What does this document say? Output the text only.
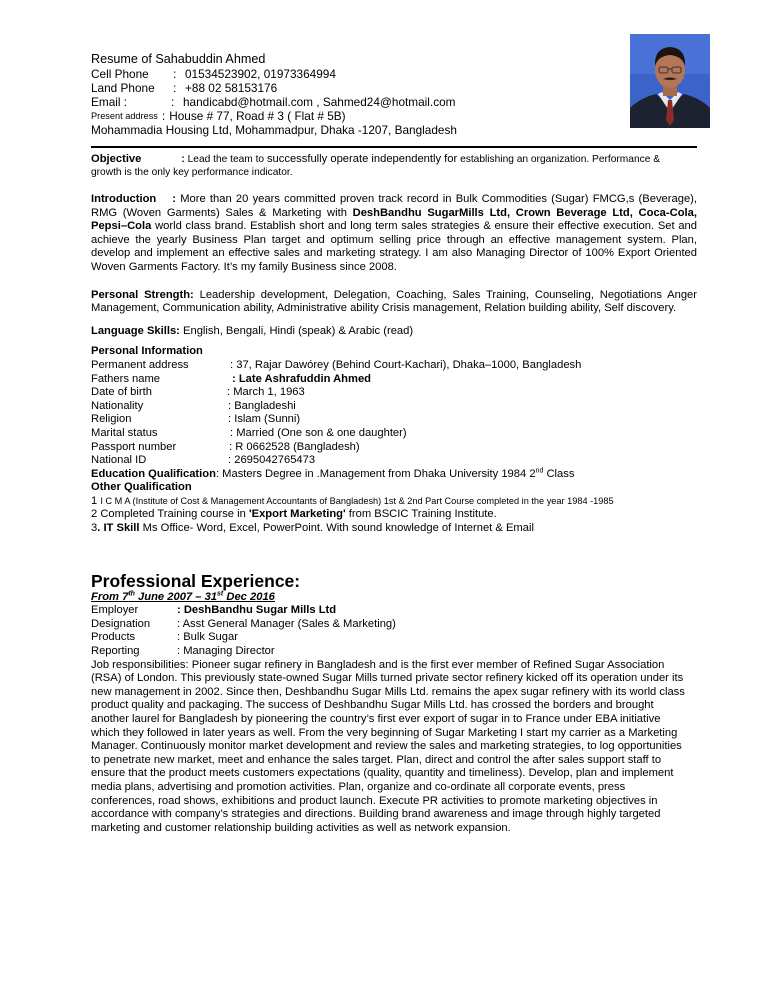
Resume of Sahabuddin Ahmed
Cell Phone	: 01534523902, 01973364994
Land Phone	: +88 02 58153176
Email :	: handicabd@hotmail.com , Sahmed24@hotmail.com
Present address : House # 77, Road # 3 ( Flat # 5B)
Mohammadia Housing Ltd, Mohammadpur, Dhaka -1207, Bangladesh
Objective	: Lead the team to successfully operate independently for establishing an organization. Performance &
growth is the only key performance indicator.

Introduction : More than 20 years committed proven track record in Bulk Commodities (Sugar) FMCG,s (Beverage), RMG (Woven Garments) Sales & Marketing with DeshBandhu SugarMills Ltd, Crown Beverage Ltd, Coca-Cola, Pepsi–Cola world class brand. Establish short and long term sales strategies & ensure their effective execution. Set and achieve the yearly Business Plan target and optimum selling price through an effective management system. Plan, develop and implement an effective sales and marketing strategy. I am also Managing Director of 100% Export Oriented Woven Garments Factory. It’s my family Business since 2008.

Personal Strength: Leadership development, Delegation, Coaching, Sales Training, Counseling, Negotiations Anger Management, Communication ability, Administrative ability Crisis management, Relation building ability, Self discovery.

Language Skills: English, Bengali, Hindi (speak) & Arabic (read)
Personal Information
Permanent address	: 37, Rajar Dawórey (Behind Court-Kachari), Dhaka–1000, Bangladesh
Fathers name	: Late Ashrafuddin Ahmed
Date of birth	: March 1, 1963
Nationality	: Bangladeshi
Religion	: Islam (Sunni)
Marital status	: Married (One son & one daughter)
Passport number	: R 0662528 (Bangladesh)
National ID	: 2695042765473
Education Qualification: Masters Degree in .Management from Dhaka University 1984 2nd Class
Other Qualification
1 I C M A (Institute of Cost & Management Accountants of Bangladesh) 1st & 2nd Part Course completed in the year 1984 -1985
2 Completed Training course in 'Export Marketing' from BSCIC Training Institute.
3. IT Skill Ms Office- Word, Excel, PowerPoint. With sound knowledge of Internet & Email
Professional Experience:
From 7th June 2007 – 31st Dec 2016
Employer	: DeshBandhu Sugar Mills Ltd
Designation	: Asst General Manager (Sales & Marketing)
Products	: Bulk Sugar
Reporting	: Managing Director

Job responsibilities: Pioneer sugar refinery in Bangladesh and is the first ever member of Refined Sugar Association (RSA) of London. This previously state-owned Sugar Mills turned private sector refinery kicked off its operation under its new management in 2002. Since then, Deshbandhu Sugar Mills Ltd. remains the apex sugar refinery with its world class product quality and packaging. The success of Deshbandhu Sugar Mills Ltd. has crossed the borders and brought another laurel for Bangladesh by pioneering the country’s first ever export of sugar in to France under EBA initiative which they followed in later years as well. From the very beginning of Sugar Marketing I start my carrier as a Marketing Manager. Continuously monitor market development and review the sales and marketing strategies, to log opportunities to penetrate new market, meet and enhance the sales target. Plan, direct and control the after sales support staff to ensure that the product meets customers expectations (quality, quantity and timeliness). Develop, plan and implement media plans, advertising and promotion activities. Plan, organize and co-ordinate all corporate events, press conferences, road shows, exhibitions and product launch. Execute PR activities to promote marketing objectives in accordance with company’s strategies and directions. Building brand awareness and image through highly targeted marketing and customer relationship building activities as well as network expansion.
